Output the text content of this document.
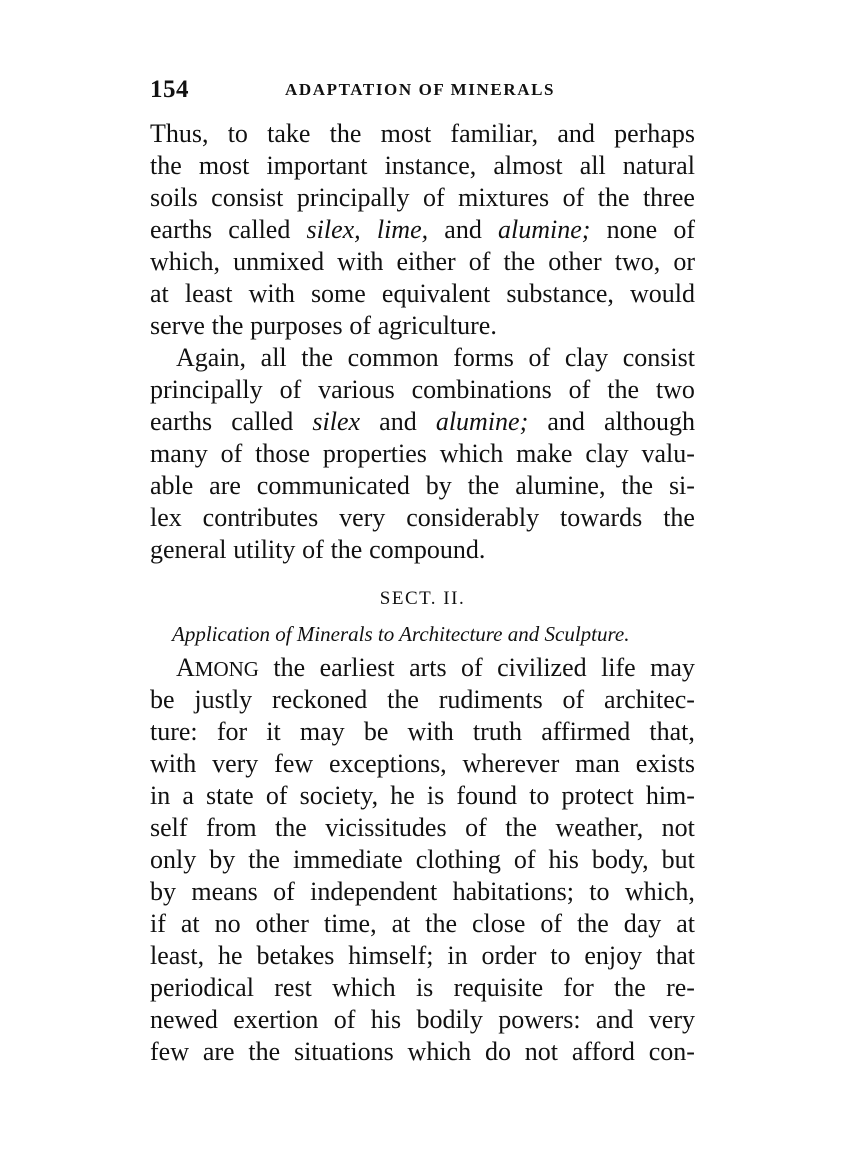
154	ADAPTATION OF MINERALS
Thus, to take the most familiar, and perhaps
the most important instance, almost all natural
soils consist principally of mixtures of the three
earths called silex, lime, and alumine; none of
which, unmixed with either of the other two, or
at least with some equivalent substance, would
serve the purposes of agriculture.
Again, all the common forms of clay consist
principally of various combinations of the two
earths called silex and alumine; and although
many of those properties which make clay valu-
able are communicated by the alumine, the si-
lex contributes very considerably towards the
general utility of the compound.
SECT. II.
Application of Minerals to Architecture and Sculpture.
AMONG the earliest arts of civilized life may
be justly reckoned the rudiments of architec-
ture: for it may be with truth affirmed that,
with very few exceptions, wherever man exists
in a state of society, he is found to protect him-
self from the vicissitudes of the weather, not
only by the immediate clothing of his body, but
by means of independent habitations; to which,
if at no other time, at the close of the day at
least, he betakes himself; in order to enjoy that
periodical rest which is requisite for the re-
newed exertion of his bodily powers: and very
few are the situations which do not afford con-
